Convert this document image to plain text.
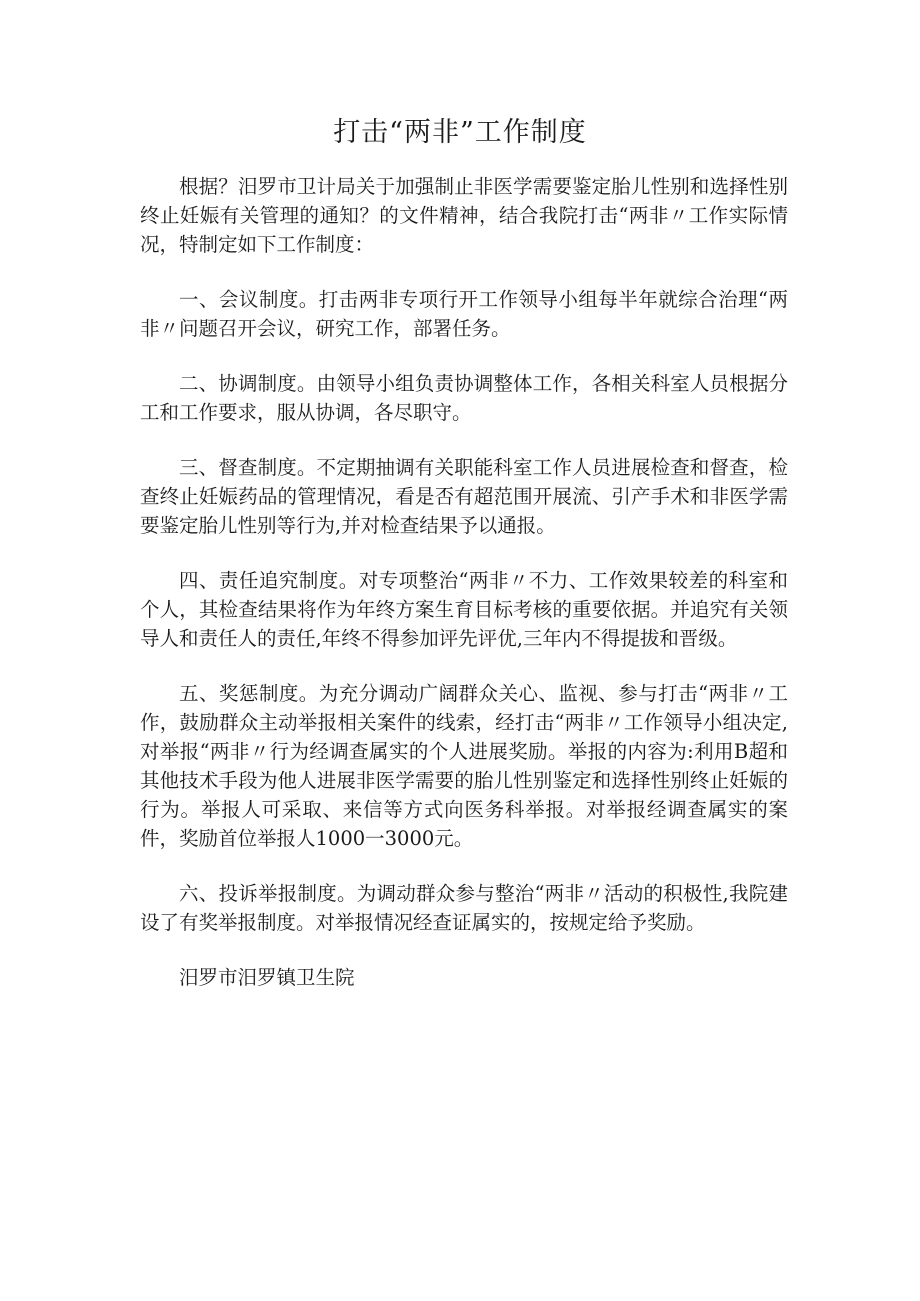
打击“两非”工作制度

根据？汨罗市卫计局关于加强制止非医学需要鉴定胎儿性别和选择性别终止妊娠有关管理的通知？的文件精神，结合我院打击“两非〃工作实际情况，特制定如下工作制度：

一、会议制度。打击两非专项行开工作领导小组每半年就综合治理“两非〃问题召开会议，研究工作，部署任务。

二、协调制度。由领导小组负责协调整体工作，各相关科室人员根据分工和工作要求，服从协调，各尽职守。

三、督查制度。不定期抽调有关职能科室工作人员进展检查和督查，检查终止妊娠药品的管理情况，看是否有超范围开展流、引产手术和非医学需要鉴定胎儿性别等行为,并对检查结果予以通报。

四、责任追究制度。对专项整治“两非〃不力、工作效果较差的科室和个人，其检查结果将作为年终方案生育目标考核的重要依据。并追究有关领导人和责任人的责任,年终不得参加评先评优,三年内不得提拔和晋级。

五、奖惩制度。为充分调动广阔群众关心、监视、参与打击“两非〃工作，鼓励群众主动举报相关案件的线索，经打击“两非〃工作领导小组决定,对举报“两非〃行为经调查属实的个人进展奖励。举报的内容为:利用B超和其他技术手段为他人进展非医学需要的胎儿性别鉴定和选择性别终止妊娠的行为。举报人可采取、来信等方式向医务科举报。对举报经调查属实的案件，奖励首位举报人1000一3000元。

六、投诉举报制度。为调动群众参与整治“两非〃活动的积极性,我院建设了有奖举报制度。对举报情况经查证属实的，按规定给予奖励。

汨罗市汨罗镇卫生院
